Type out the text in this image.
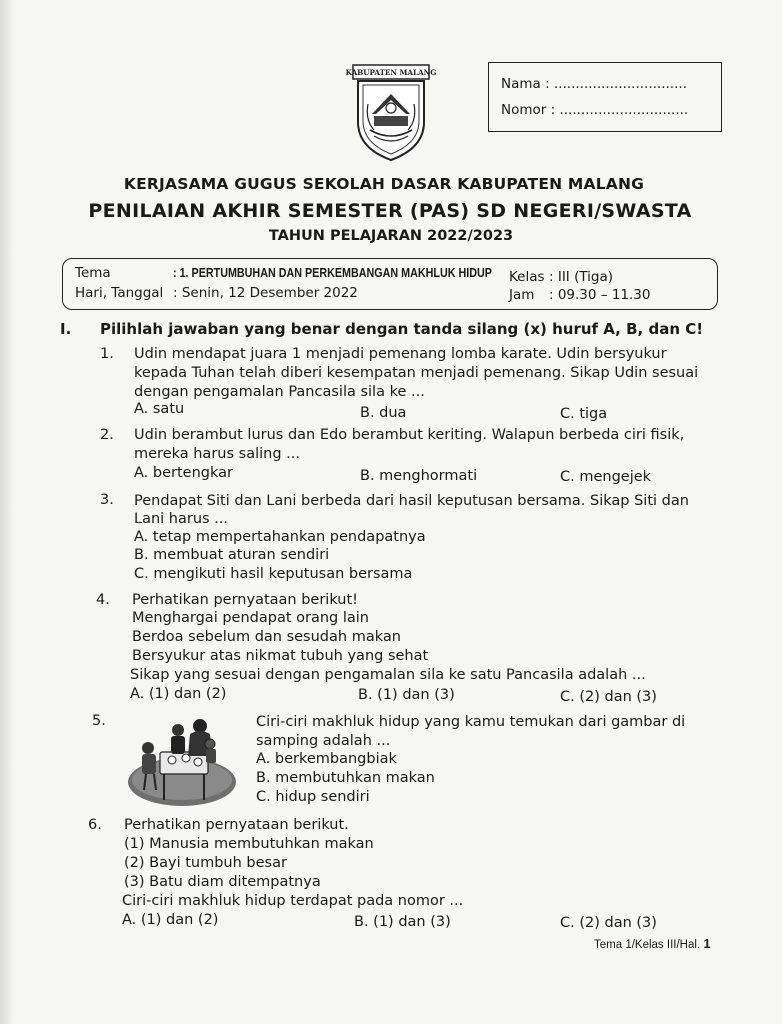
KABUPATEN MALANG
Nama : ...............................
Nomor : ..............................
KERJASAMA GUGUS SEKOLAH DASAR KABUPATEN MALANG
PENILAIAN AKHIR SEMESTER (PAS) SD NEGERI/SWASTA
TAHUN PELAJARAN 2022/2023
Tema	: 1. PERTUMBUHAN DAN PERKEMBANGAN MAKHLUK HIDUP
Hari, Tanggal : Senin, 12 Desember 2022
Kelas : III (Tiga)
Jam : 09.30 – 11.30
I. Pilihlah jawaban yang benar dengan tanda silang (x) huruf A, B, dan C!
1. Udin mendapat juara 1 menjadi pemenang lomba karate. Udin bersyukur
kepada Tuhan telah diberi kesempatan menjadi pemenang. Sikap Udin sesuai
dengan pengamalan Pancasila sila ke ...
A. satu	B. dua	C. tiga
2. Udin berambut lurus dan Edo berambut keriting. Walapun berbeda ciri fisik,
mereka harus saling ...
A. bertengkar	B. menghormati	C. mengejek
3. Pendapat Siti dan Lani berbeda dari hasil keputusan bersama. Sikap Siti dan
Lani harus ...
A. tetap mempertahankan pendapatnya
B. membuat aturan sendiri
C. mengikuti hasil keputusan bersama
4. Perhatikan pernyataan berikut!
Menghargai pendapat orang lain
Berdoa sebelum dan sesudah makan
Bersyukur atas nikmat tubuh yang sehat
Sikap yang sesuai dengan pengamalan sila ke satu Pancasila adalah ...
A. (1) dan (2)	B. (1) dan (3)	C. (2) dan (3)
5.	Ciri-ciri makhluk hidup yang kamu temukan dari gambar di
samping adalah ...
A. berkembangbiak
B. membutuhkan makan
C. hidup sendiri
6. Perhatikan pernyataan berikut.
(1) Manusia membutuhkan makan
(2) Bayi tumbuh besar
(3) Batu diam ditempatnya
Ciri-ciri makhluk hidup terdapat pada nomor ...
A. (1) dan (2)	B. (1) dan (3)	C. (2) dan (3)
Tema 1/Kelas III/Hal. 1
